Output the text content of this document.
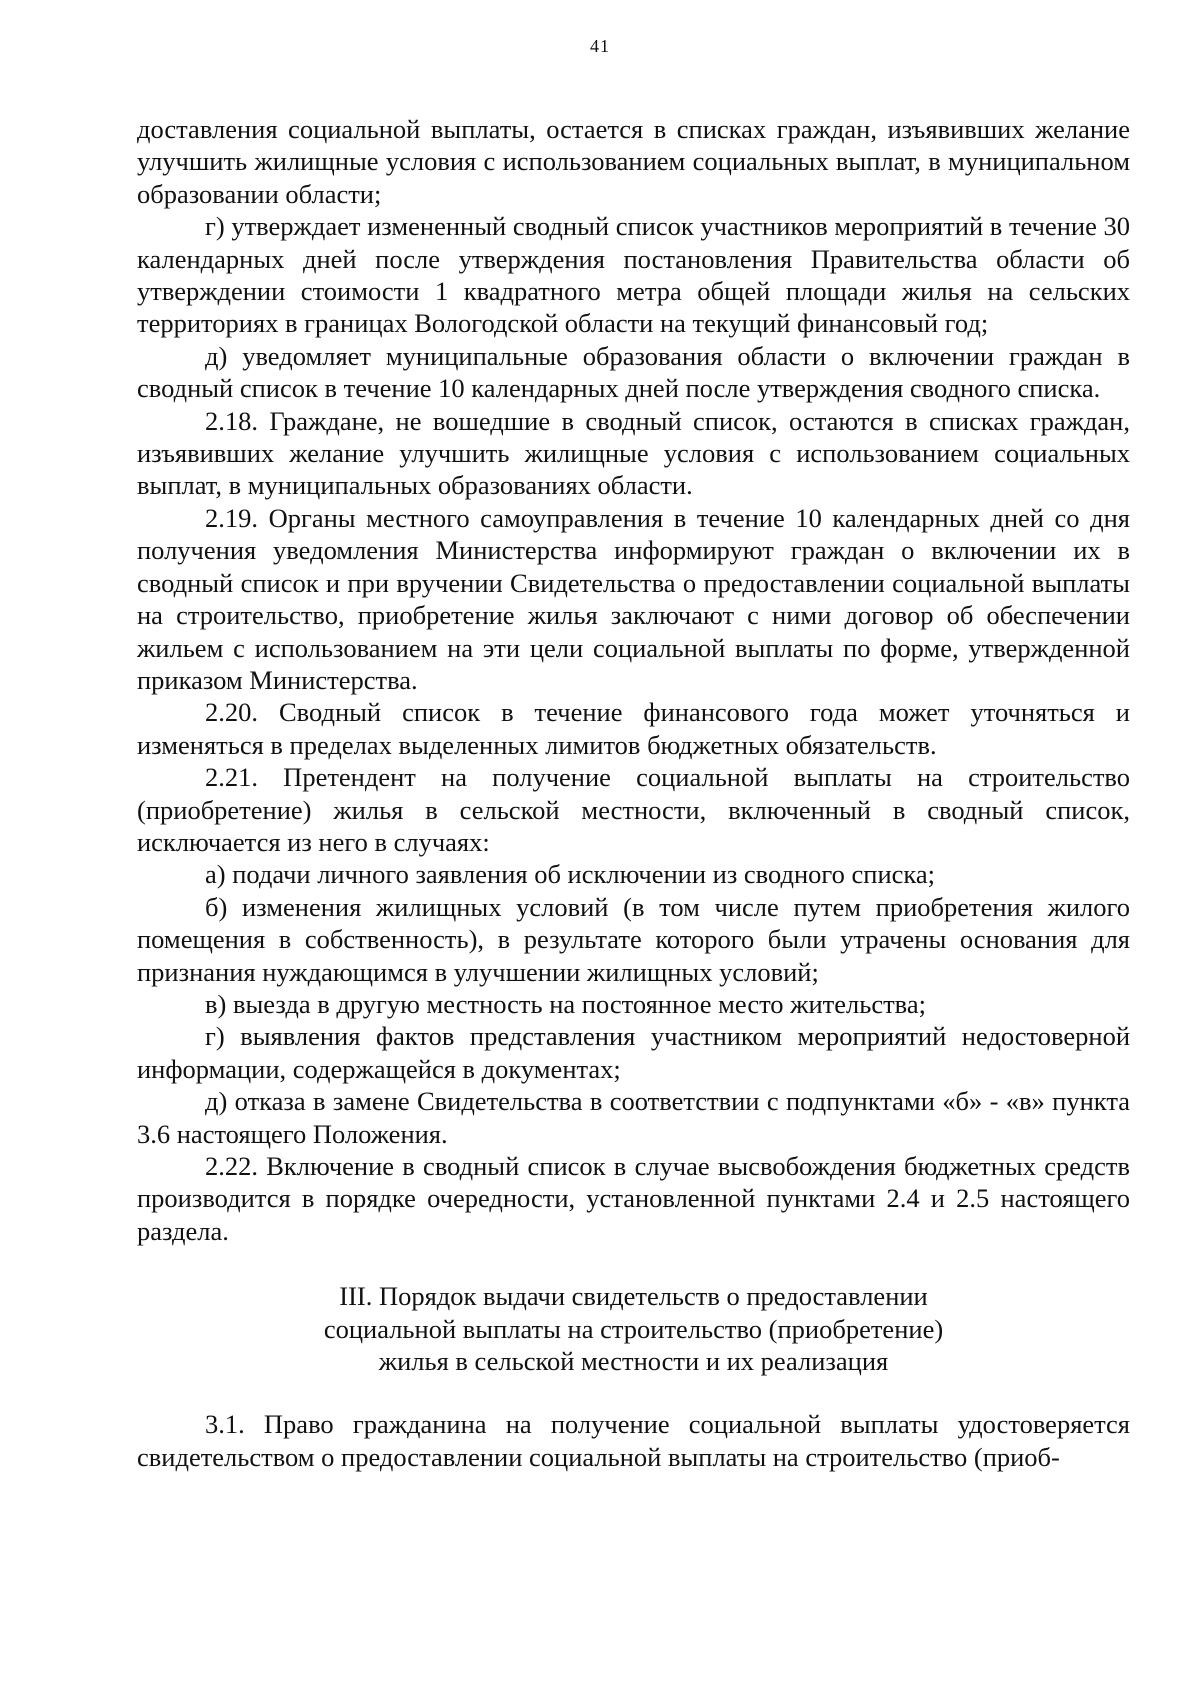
41

доставления социальной выплаты, остается в списках граждан, изъявивших желание улучшить жилищные условия с использованием социальных выплат, в муниципальном образовании области;

г) утверждает измененный сводный список участников мероприятий в течение 30 календарных дней после утверждения постановления Правительства области об утверждении стоимости 1 квадратного метра общей площади жилья на сельских территориях в границах Вологодской области на текущий финансовый год;

д) уведомляет муниципальные образования области о включении граждан в сводный список в течение 10 календарных дней после утверждения сводного списка.

2.18. Граждане, не вошедшие в сводный список, остаются в списках граждан, изъявивших желание улучшить жилищные условия с использованием социальных выплат, в муниципальных образованиях области.

2.19. Органы местного самоуправления в течение 10 календарных дней со дня получения уведомления Министерства информируют граждан о включении их в сводный список и при вручении Свидетельства о предоставлении социальной выплаты на строительство, приобретение жилья заключают с ними договор об обеспечении жильем с использованием на эти цели социальной выплаты по форме, утвержденной приказом Министерства.

2.20. Сводный список в течение финансового года может уточняться и изменяться в пределах выделенных лимитов бюджетных обязательств.

2.21. Претендент на получение социальной выплаты на строительство (приобретение) жилья в сельской местности, включенный в сводный список, исключается из него в случаях:

а) подачи личного заявления об исключении из сводного списка;

б) изменения жилищных условий (в том числе путем приобретения жилого помещения в собственность), в результате которого были утрачены основания для признания нуждающимся в улучшении жилищных условий;

в) выезда в другую местность на постоянное место жительства;

г) выявления фактов представления участником мероприятий недостоверной информации, содержащейся в документах;

д) отказа в замене Свидетельства в соответствии с подпунктами «б» - «в» пункта 3.6 настоящего Положения.

2.22. Включение в сводный список в случае высвобождения бюджетных средств производится в порядке очередности, установленной пунктами 2.4 и 2.5 настоящего раздела.

III. Порядок выдачи свидетельств о предоставлении
социальной выплаты на строительство (приобретение)
жилья в сельской местности и их реализация

3.1. Право гражданина на получение социальной выплаты удостоверяется свидетельством о предоставлении социальной выплаты на строительство (приоб-
